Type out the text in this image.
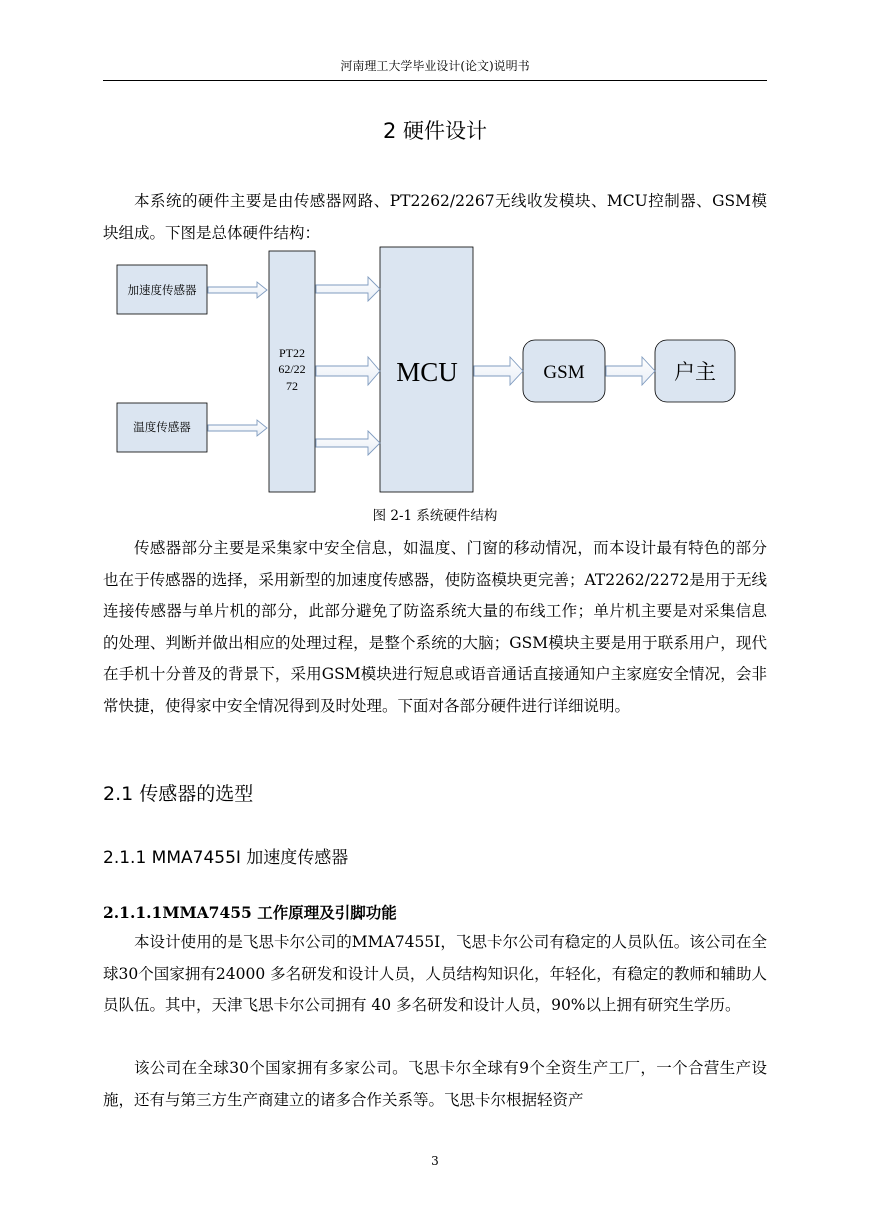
河南理工大学毕业设计(论文)说明书
2 硬件设计

本系统的硬件主要是由传感器网路、PT2262/2267无线收发模块、MCU控制器、GSM模块组成。下图是总体硬件结构：

加速度传感器
温度传感器
PT22
62/22
72	MCU	GSM	户主
图 2-1 系统硬件结构

传感器部分主要是采集家中安全信息，如温度、门窗的移动情况，而本设计最有特色的部分也在于传感器的选择，采用新型的加速度传感器，使防盗模块更完善；AT2262/2272是用于无线连接传感器与单片机的部分，此部分避免了防盗系统大量的布线工作；单片机主要是对采集信息的处理、判断并做出相应的处理过程，是整个系统的大脑；GSM模块主要是用于联系用户，现代在手机十分普及的背景下，采用GSM模块进行短息或语音通话直接通知户主家庭安全情况，会非常快捷，使得家中安全情况得到及时处理。下面对各部分硬件进行详细说明。

2.1 传感器的选型
2.1.1 MMA7455I 加速度传感器
2.1.1.1MMA7455 工作原理及引脚功能

本设计使用的是飞思卡尔公司的MMA7455I，飞思卡尔公司有稳定的人员队伍。该公司在全球30个国家拥有24000 多名研发和设计人员，人员结构知识化，年轻化，有稳定的教师和辅助人员队伍。其中，天津飞思卡尔公司拥有 40 多名研发和设计人员，90%以上拥有研究生学历。

该公司在全球30个国家拥有多家公司。飞思卡尔全球有9个全资生产工厂，一个合营生产设施，还有与第三方生产商建立的诸多合作关系等。飞思卡尔根据轻资产

3
